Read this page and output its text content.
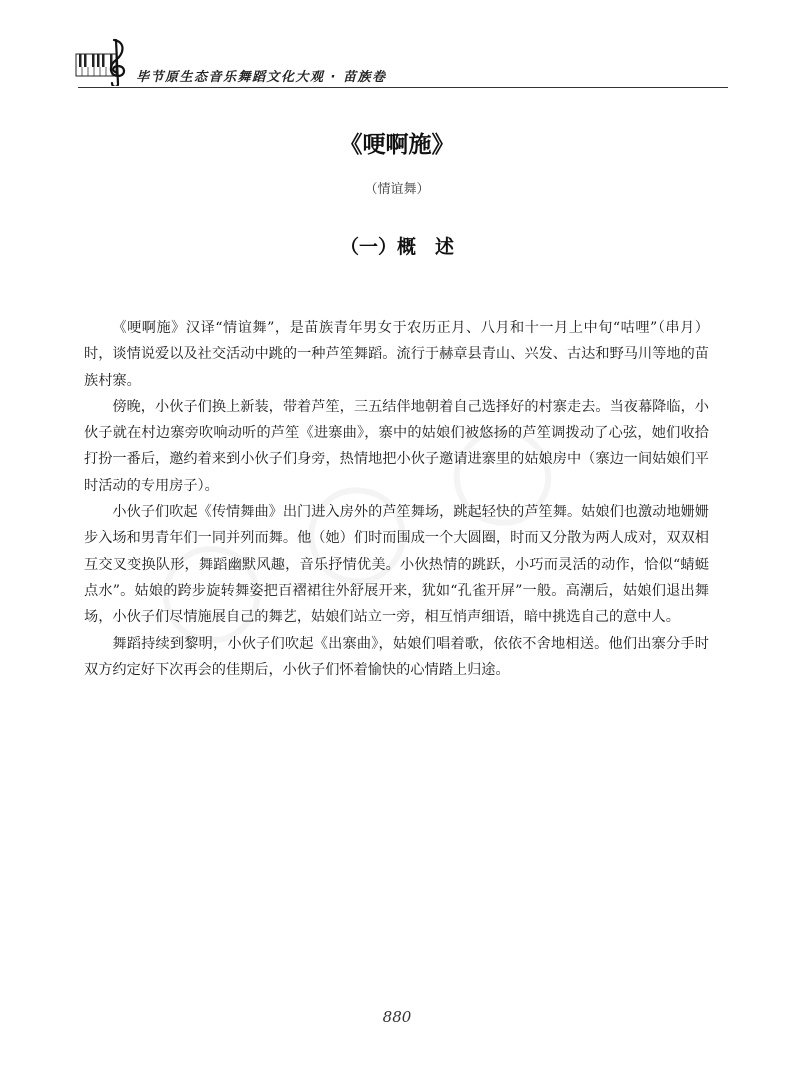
毕节原生态音乐舞蹈文化大观 · 苗族卷
《哽啊施》
（情谊舞）
（一）概　述

《哽啊施》汉译“情谊舞”，是苗族青年男女于农历正月、八月和十一月上中旬“咕哩”（串月）时，谈情说爱以及社交活动中跳的一种芦笙舞蹈。流行于赫章县青山、兴发、古达和野马川等地的苗族村寨。

傍晚，小伙子们换上新装，带着芦笙，三五结伴地朝着自己选择好的村寨走去。当夜幕降临，小伙子就在村边寨旁吹响动听的芦笙《进寨曲》，寨中的姑娘们被悠扬的芦笙调拨动了心弦，她们收拾打扮一番后，邀约着来到小伙子们身旁，热情地把小伙子邀请进寨里的姑娘房中（寨边一间姑娘们平时活动的专用房子）。

小伙子们吹起《传情舞曲》出门进入房外的芦笙舞场，跳起轻快的芦笙舞。姑娘们也激动地姗姗步入场和男青年们一同并列而舞。他（她）们时而围成一个大圆圈，时而又分散为两人成对，双双相互交叉变换队形，舞蹈幽默风趣，音乐抒情优美。小伙热情的跳跃，小巧而灵活的动作，恰似“蜻蜓点水”。姑娘的跨步旋转舞姿把百褶裙往外舒展开来，犹如“孔雀开屏”一般。高潮后，姑娘们退出舞场，小伙子们尽情施展自己的舞艺，姑娘们站立一旁，相互悄声细语，暗中挑选自己的意中人。

舞蹈持续到黎明，小伙子们吹起《出寨曲》，姑娘们唱着歌，依依不舍地相送。他们出寨分手时双方约定好下次再会的佳期后，小伙子们怀着愉快的心情踏上归途。

880
